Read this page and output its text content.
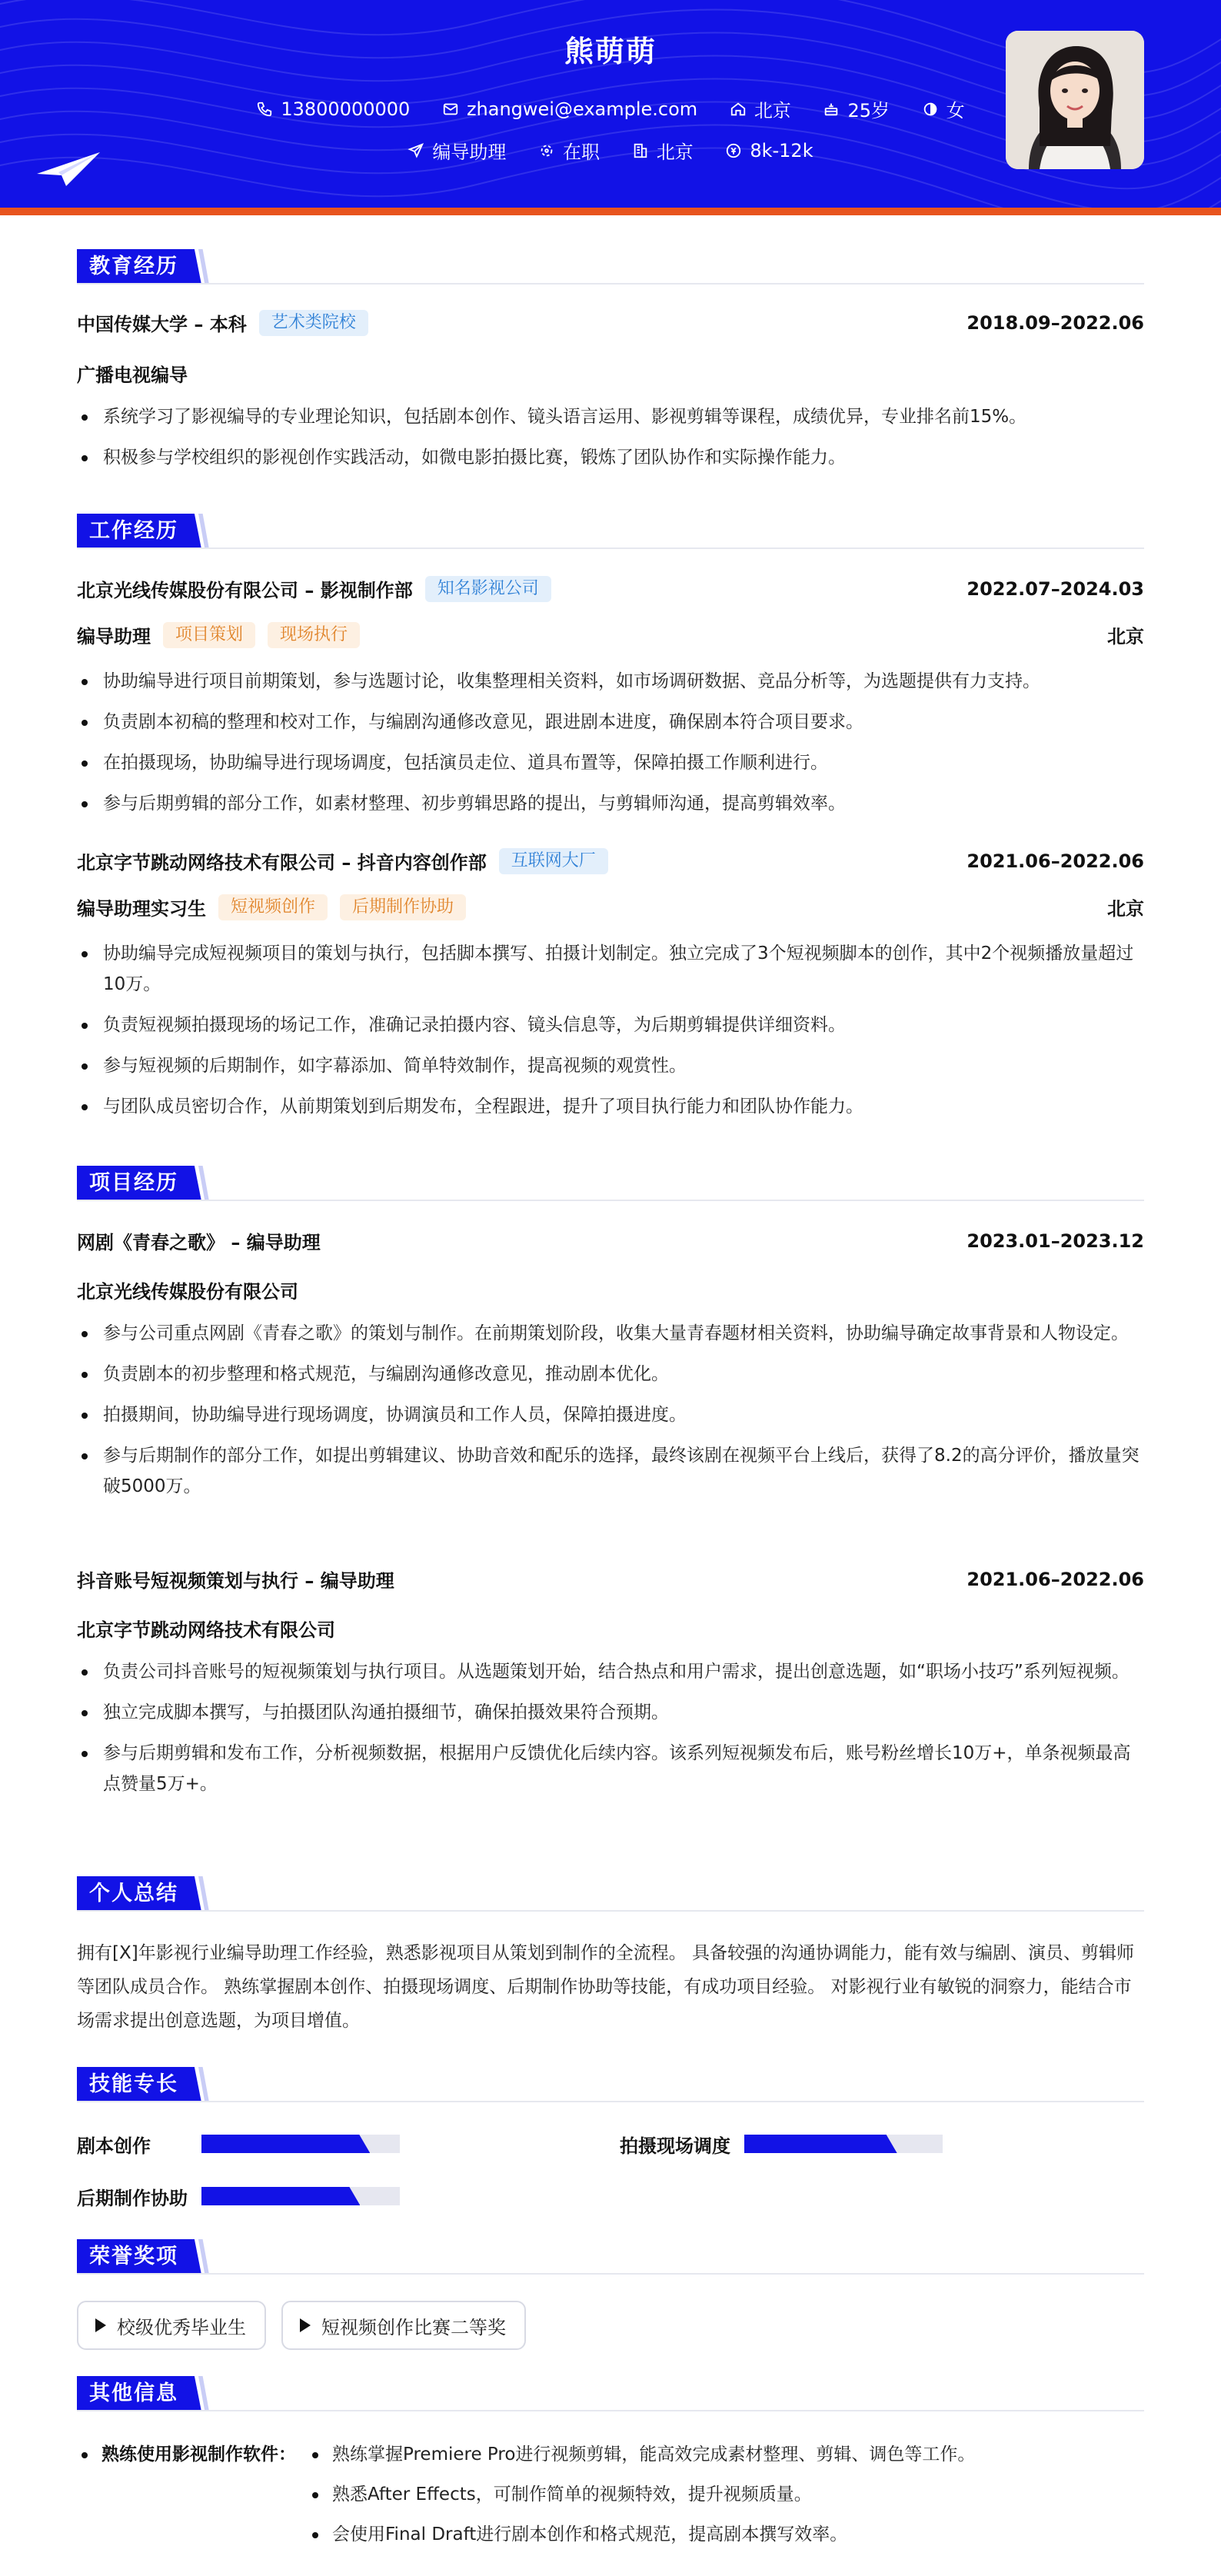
熊萌萌
13800000000
	zhangwei@example.com
	北京
	25岁
	女
编导助理
	在职
	北京
	8k-12k
教育经历
中国传媒大学 – 本科	艺术类院校	2018.09–2022.06
广播电视编导
系统学习了影视编导的专业理论知识，包括剧本创作、镜头语言运用、影视剪辑等课程，成绩优异，专业排名前15%。
积极参与学校组织的影视创作实践活动，如微电影拍摄比赛，锻炼了团队协作和实际操作能力。
工作经历
北京光线传媒股份有限公司 – 影视制作部	知名影视公司	2022.07–2024.03
编导助理	项目策划	现场执行	北京
协助编导进行项目前期策划，参与选题讨论，收集整理相关资料，如市场调研数据、竞品分析等，为选题提供有力支持。
负责剧本初稿的整理和校对工作，与编剧沟通修改意见，跟进剧本进度，确保剧本符合项目要求。
在拍摄现场，协助编导进行现场调度，包括演员走位、道具布置等，保障拍摄工作顺利进行。
参与后期剪辑的部分工作，如素材整理、初步剪辑思路的提出，与剪辑师沟通，提高剪辑效率。
北京字节跳动网络技术有限公司 – 抖音内容创作部	互联网大厂	2021.06–2022.06
编导助理实习生	短视频创作	后期制作协助	北京
协助编导完成短视频项目的策划与执行，包括脚本撰写、拍摄计划制定。独立完成了3个短视频脚本的创作，其中2个视频播放量超过10万。
负责短视频拍摄现场的场记工作，准确记录拍摄内容、镜头信息等，为后期剪辑提供详细资料。
参与短视频的后期制作，如字幕添加、简单特效制作，提高视频的观赏性。
与团队成员密切合作，从前期策划到后期发布，全程跟进，提升了项目执行能力和团队协作能力。
项目经历
网剧《青春之歌》 – 编导助理	2023.01–2023.12
北京光线传媒股份有限公司
参与公司重点网剧《青春之歌》的策划与制作。在前期策划阶段，收集大量青春题材相关资料，协助编导确定故事背景和人物设定。
负责剧本的初步整理和格式规范，与编剧沟通修改意见，推动剧本优化。
拍摄期间，协助编导进行现场调度，协调演员和工作人员，保障拍摄进度。
参与后期制作的部分工作，如提出剪辑建议、协助音效和配乐的选择，最终该剧在视频平台上线后，获得了8.2的高分评价，播放量突破5000万。
抖音账号短视频策划与执行 – 编导助理	2021.06–2022.06
北京字节跳动网络技术有限公司
负责公司抖音账号的短视频策划与执行项目。从选题策划开始，结合热点和用户需求，提出创意选题，如“职场小技巧”系列短视频。
独立完成脚本撰写，与拍摄团队沟通拍摄细节，确保拍摄效果符合预期。
参与后期剪辑和发布工作，分析视频数据，根据用户反馈优化后续内容。该系列短视频发布后，账号粉丝增长10万+，单条视频最高点赞量5万+。
个人总结
拥有[X]年影视行业编导助理工作经验，熟悉影视项目从策划到制作的全流程。 具备较强的沟通协调能力，能有效与编剧、演员、剪辑师等团队成员合作。 熟练掌握剧本创作、拍摄现场调度、后期制作协助等技能，有成功项目经验。 对影视行业有敏锐的洞察力，能结合市场需求提出创意选题，为项目增值。
技能专长
剧本创作	拍摄现场调度
后期制作协助
荣誉奖项
校级优秀毕业生	短视频创作比赛二等奖
其他信息
熟练使用影视制作软件：	熟练掌握Premiere Pro进行视频剪辑，能高效完成素材整理、剪辑、调色等工作。
熟悉After Effects，可制作简单的视频特效，提升视频质量。
会使用Final Draft进行剧本创作和格式规范，提高剧本撰写效率。
